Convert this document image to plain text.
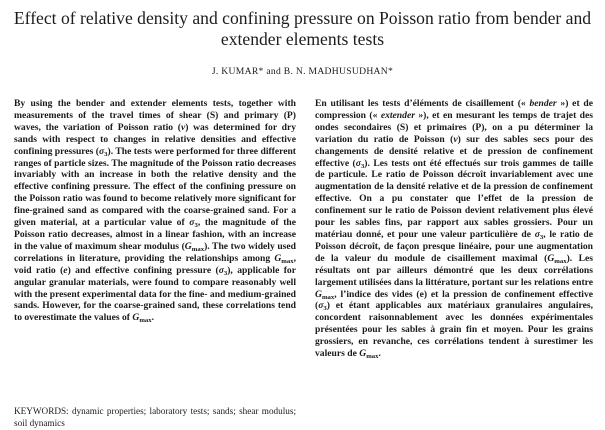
Effect of relative density and confining pressure on Poisson ratio from bender and extender elements tests
J. KUMAR* and B. N. MADHUSUDHAN*

By using the bender and extender elements tests, together with measurements of the travel times of shear (S) and primary (P) waves, the variation of Poisson ratio (ν) was determined for dry sands with respect to changes in relative densities and effective confining pressures $(\sigma_3)$. The tests were performed for three different ranges of particle sizes. The magnitude of the Poisson ratio decreases invariably with an increase in both the relative density and the effective confining pressure. The effect of the confining pressure on the Poisson ratio was found to become relatively more significant for fine-grained sand as compared with the coarse-grained sand. For a given material, at a particular value of $\sigma_3$, the magnitude of the Poisson ratio decreases, almost in a linear fashion, with an increase in the value of maximum shear modulus $(G_{max})$. The two widely used correlations in literature, providing the relationships among $G_{max}$, void ratio (e) and effective confining pressure $(\sigma_3)$, applicable for angular granular materials, were found to compare reasonably well with the present experimental data for the fine- and medium-grained sands. However, for the coarse-grained sand, these correlations tend to overestimate the values of $G_{max}$.

KEYWORDS: dynamic properties; laboratory tests; sands; shear modulus; soil dynamics

En utilisant les tests d’éléments de cisaillement (« bender ») et de compression (« extender »), et en mesurant les temps de trajet des ondes secondaires (S) et primaires (P), on a pu déterminer la variation du ratio de Poisson (ν) sur des sables secs pour des changements de densité relative et de pression de confinement effective $(\sigma_3)$. Les tests ont été effectués sur trois gammes de taille de particule. Le ratio de Poisson décroît invariablement avec une augmentation de la densité relative et de la pression de confinement effective. On a pu constater que l’effet de la pression de confinement sur le ratio de Poisson devient relativement plus élevé pour les sables fins, par rapport aux sables grossiers. Pour un matériau donné, et pour une valeur particulière de $\sigma_3$, le ratio de Poisson décroît, de façon presque linéaire, pour une augmentation de la valeur du module de cisaillement maximal $(G_{max})$. Les résultats ont par ailleurs démontré que les deux corrélations largement utilisées dans la littérature, portant sur les relations entre $G_{max}$, l’indice des vides (e) et la pression de confinement effective $(\sigma_3)$ et étant applicables aux matériaux granulaires angulaires, concordent raisonnablement avec les données expérimentales présentées pour les sables à grain fin et moyen. Pour les grains grossiers, en revanche, ces corrélations tendent à surestimer les valeurs de $G_{max}$.
